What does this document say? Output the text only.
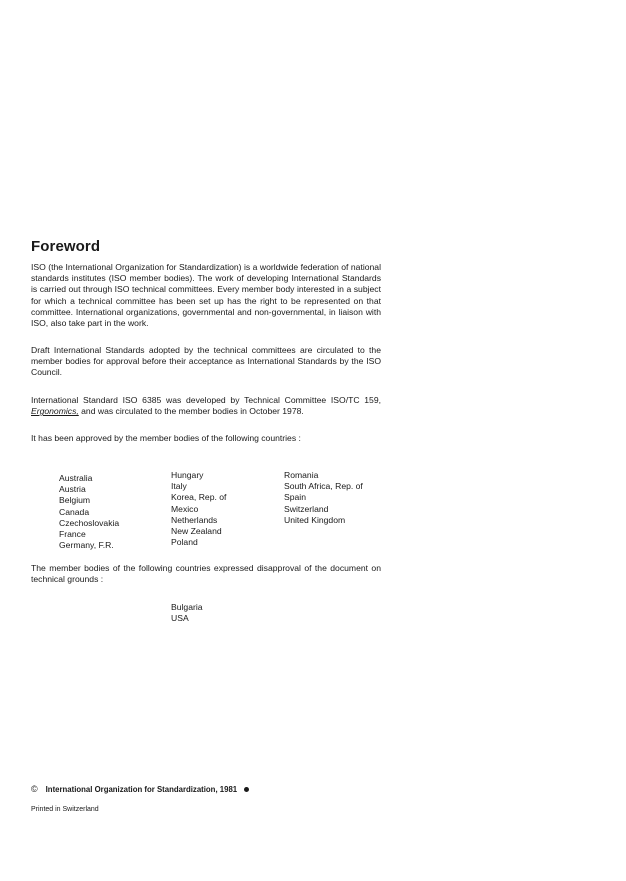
Foreword

ISO (the International Organization for Standardization) is a worldwide federation of national standards institutes (ISO member bodies). The work of developing International Standards is carried out through ISO technical committees. Every member body interested in a subject for which a technical committee has been set up has the right to be represented on that committee. International organizations, governmental and non-governmental, in liaison with ISO, also take part in the work.

Draft International Standards adopted by the technical committees are circulated to the member bodies for approval before their acceptance as International Standards by the ISO Council.

International Standard ISO 6385 was developed by Technical Committee ISO/TC 159, Ergonomics, and was circulated to the member bodies in October 1978.

It has been approved by the member bodies of the following countries :

Australia
Austria
Belgium
Canada
Czechoslovakia
France
Germany, F.R.
Hungary
Italy
Korea, Rep. of
Mexico
Netherlands
New Zealand
Poland
Romania
South Africa, Rep. of
Spain
Switzerland
United Kingdom

The member bodies of the following countries expressed disapproval of the document on technical grounds :

Bulgaria
USA
© International Organization for Standardization, 1981
Printed in Switzerland
